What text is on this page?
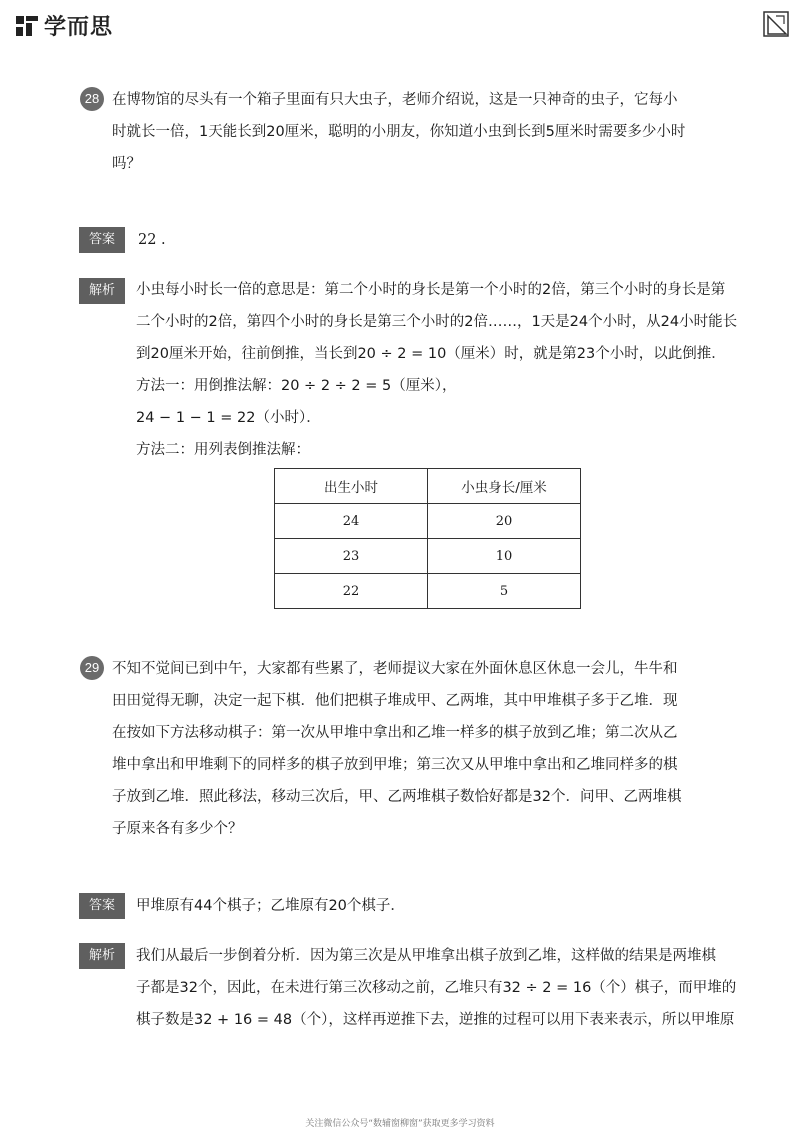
学而思
28 在博物馆的尽头有一个箱子里面有只大虫子，老师介绍说，这是一只神奇的虫子，它每小
时就长一倍，1天能长到20厘米，聪明的小朋友，你知道小虫到长到5厘米时需要多少小时
吗？
答案	22 .
解析	小虫每小时长一倍的意思是：第二个小时的身长是第一个小时的2倍，第三个小时的身长是第
二个小时的2倍，第四个小时的身长是第三个小时的2倍……，1天是24个小时，从24小时能长
到20厘米开始，往前倒推，当长到20 ÷ 2 = 10（厘米）时，就是第23个小时，以此倒推．
方法一：用倒推法解：20 ÷ 2 ÷ 2 = 5（厘米），
24 − 1 − 1 = 22（小时）．
方法二：用列表倒推法解：
出生小时	小虫身长/厘米
24	20
23	10
22	5
29 不知不觉间已到中午，大家都有些累了，老师提议大家在外面休息区休息一会儿，牛牛和
田田觉得无聊，决定一起下棋．他们把棋子堆成甲、乙两堆，其中甲堆棋子多于乙堆．现
在按如下方法移动棋子：第一次从甲堆中拿出和乙堆一样多的棋子放到乙堆；第二次从乙
堆中拿出和甲堆剩下的同样多的棋子放到甲堆；第三次又从甲堆中拿出和乙堆同样多的棋
子放到乙堆．照此移法，移动三次后，甲、乙两堆棋子数恰好都是32个．问甲、乙两堆棋
子原来各有多少个？
答案	甲堆原有44个棋子；乙堆原有20个棋子．
解析	我们从最后一步倒着分析．因为第三次是从甲堆拿出棋子放到乙堆，这样做的结果是两堆棋
子都是32个，因此，在未进行第三次移动之前，乙堆只有32 ÷ 2 = 16（个）棋子，而甲堆的
棋子数是32 + 16 = 48（个），这样再逆推下去，逆推的过程可以用下表来表示，所以甲堆原
关注微信公众号“数辅窗柳窗”获取更多学习资料
